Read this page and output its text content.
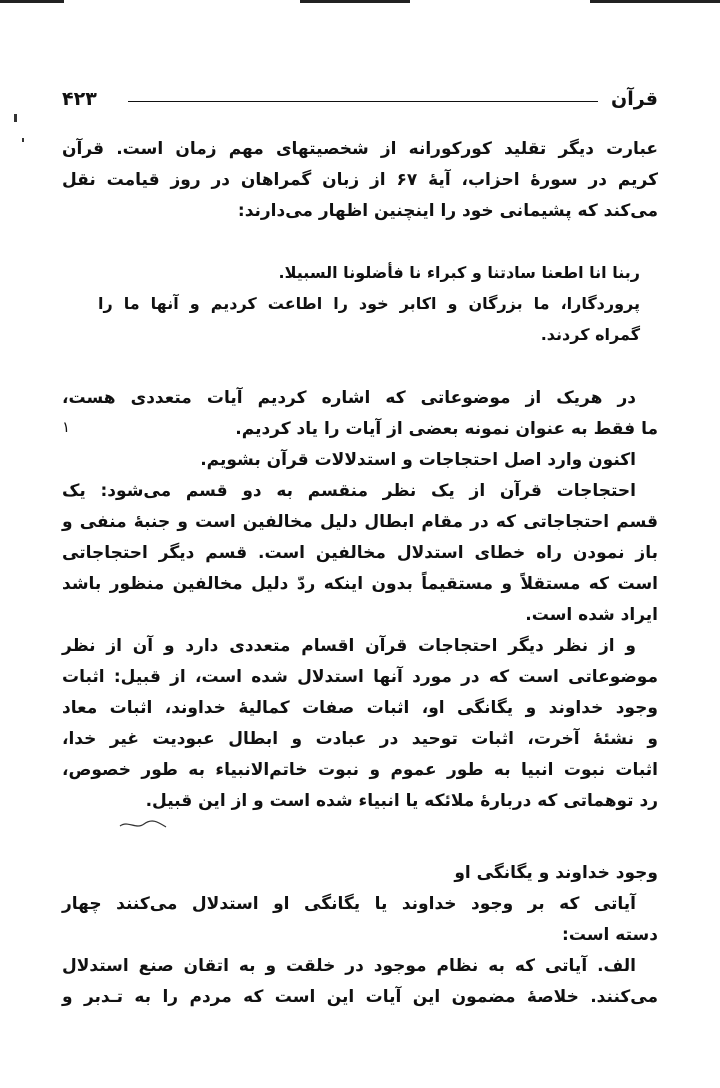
قرآن
۴۲۳
عبارت دیگر تقلید کورکورانه از شخصیتهای مهم زمان است. قرآن
کریم در سورهٔ احزاب، آیهٔ ۶۷ از زبان گمراهان در روز قیامت نقل
می‌کند که پشیمانی خود را اینچنین اظهار می‌دارند:
ربنا انا اطعنا سادتنا و کبراء نا فأضلونا السبیلا.
پروردگارا، ما بزرگان و اکابر خود را اطاعت کردیم و آنها ما را
گمراه کردند.
در هریک از موضوعاتی که اشاره کردیم آیات متعددی هست،
ما فقط به عنوان نمونه بعضی از آیات را یاد کردیم.
اکنون وارد اصل احتجاجات و استدلالات قرآن بشویم.
احتجاجات قرآن از یک نظر منقسم به دو قسم می‌شود: یک
قسم احتجاجاتی که در مقام ابطال دلیل مخالفین است و جنبهٔ منفی و
باز نمودن راه خطای استدلال مخالفین است. قسم دیگر احتجاجاتی
است که مستقلاً و مستقیماً بدون اینکه ردّ دلیل مخالفین منظور باشد
ایراد شده است.
و از نظر دیگر احتجاجات قرآن اقسام متعددی دارد و آن از نظر
موضوعاتی است که در مورد آنها استدلال شده است، از قبیل: اثبات
وجود خداوند و یگانگی او، اثبات صفات کمالیهٔ خداوند، اثبات معاد
و نشئهٔ آخرت، اثبات توحید در عبادت و ابطال عبودیت غیر خدا،
اثبات نبوت انبیا به طور عموم و نبوت خاتم‌الانبیاء به طور خصوص،
رد توهماتی که دربارهٔ ملائکه یا انبیاء شده است و از این قبیل.
وجود خداوند و یگانگی او
آیاتی که بر وجود خداوند یا یگانگی او استدلال می‌کنند چهار
دسته است:
الف. آیاتی که به نظام موجود در خلقت و به اتقان صنع استدلال
می‌کنند. خلاصهٔ مضمون این آیات این است که مردم را به تـدبر و
۱
